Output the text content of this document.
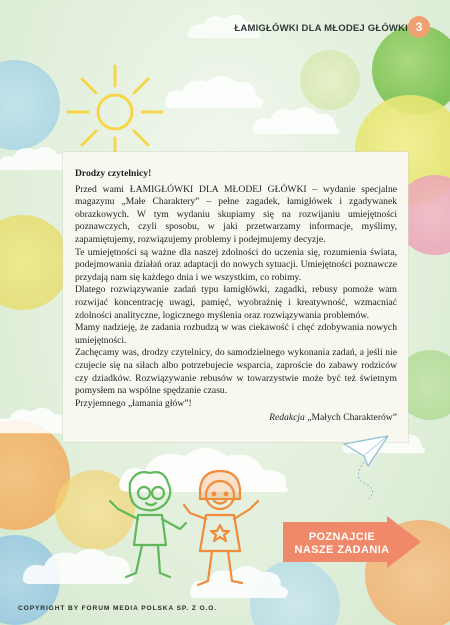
ŁAMIGŁÓWKI DLA MŁODEJ GŁÓWKI 3

Drodzy czytelnicy!

Przed wami ŁAMIGŁÓWKI DLA MŁODEJ GŁÓWKI – wydanie specjalne magazynu „Małe Charaktery” – pełne zagadek, łamigłówek i zgadywanek obrazkowych. W tym wydaniu skupiamy się na rozwijaniu umiejętności poznawczych, czyli sposobu, w jaki przetwarzamy informacje, myślimy, zapamiętujemy, rozwiązujemy problemy i podejmujemy decyzje.

Te umiejętności są ważne dla naszej zdolności do uczenia się, rozumienia świata, podejmowania działań oraz adaptacji do nowych sytuacji. Umiejętności poznawcze przydają nam się każdego dnia i we wszystkim, co robimy.

Dlatego rozwiązywanie zadań typu łamigłówki, zagadki, rebusy pomoże wam rozwijać koncentrację uwagi, pamięć, wyobraźnię i kreatywność, wzmacniać zdolności analityczne, logicznego myślenia oraz rozwiązywania problemów.

Mamy nadzieję, że zadania rozbudzą w was ciekawość i chęć zdobywania nowych umiejętności.

Zachęcamy was, drodzy czytelnicy, do samodzielnego wykonania zadań, a jeśli nie czujecie się na siłach albo potrzebujecie wsparcia, zaproście do zabawy rodziców czy dziadków. Rozwiązywanie rebusów w towarzystwie może być też świetnym pomysłem na wspólne spędzanie czasu.

Przyjemnego „łamania głów”!

Redakcja „Małych Charakterów”

POZNAJCIE
NASZE ZADANIA
COPYRIGHT BY FORUM MEDIA POLSKA SP. Z O.O.
